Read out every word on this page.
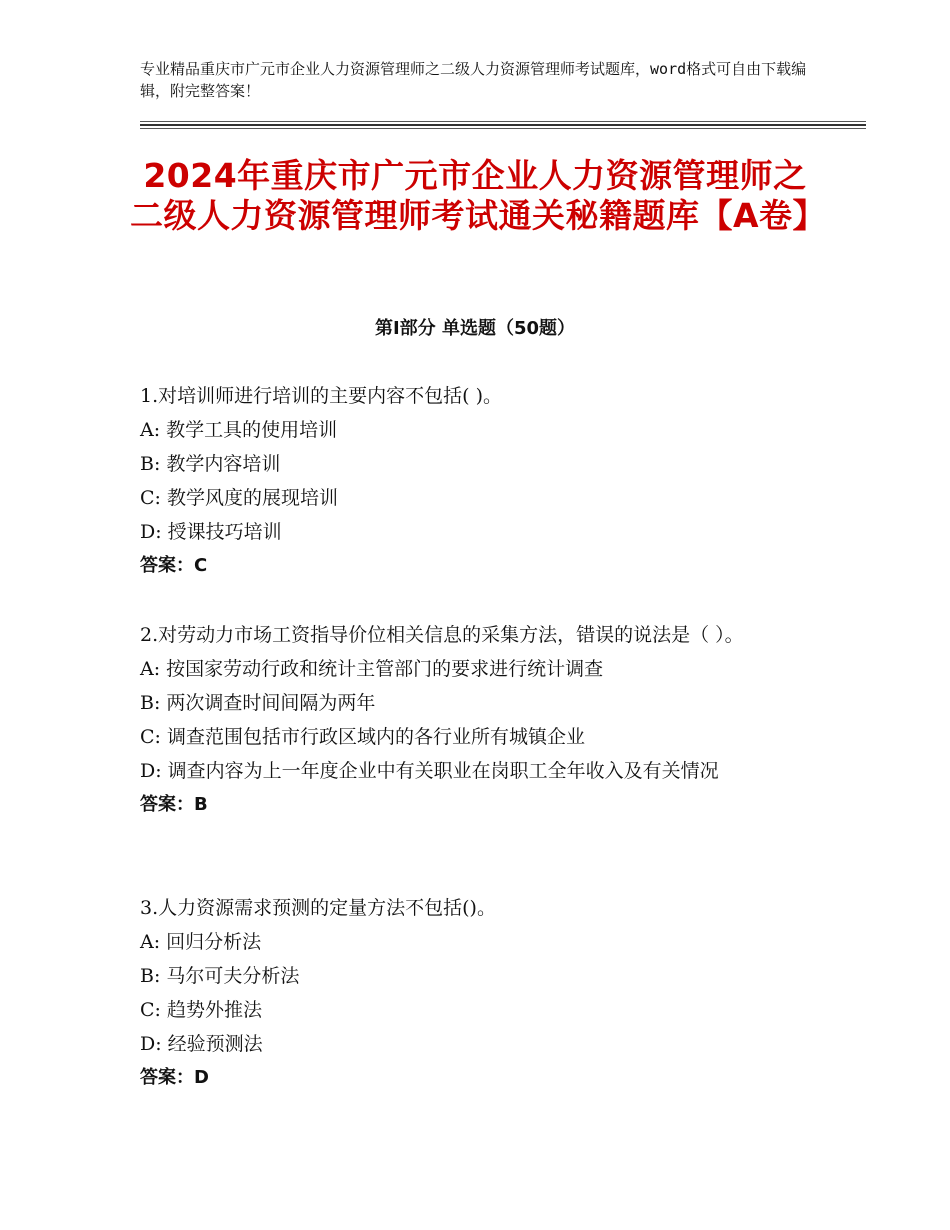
专业精品重庆市广元市企业人力资源管理师之二级人力资源管理师考试题库，word格式可自由下载编辑，附完整答案！
2024年重庆市广元市企业人力资源管理师之二级人力资源管理师考试通关秘籍题库【A卷】
第Ⅰ部分 单选题（50题）
1.对培训师进行培训的主要内容不包括( )。
A: 教学工具的使用培训
B: 教学内容培训
C: 教学风度的展现培训
D: 授课技巧培训
答案：C
2.对劳动力市场工资指导价位相关信息的采集方法，错误的说法是（ ）。
A: 按国家劳动行政和统计主管部门的要求进行统计调查
B: 两次调查时间间隔为两年
C: 调查范围包括市行政区域内的各行业所有城镇企业
D: 调查内容为上一年度企业中有关职业在岗职工全年收入及有关情况
答案：B
3.人力资源需求预测的定量方法不包括()。
A: 回归分析法
B: 马尔可夫分析法
C: 趋势外推法
D: 经验预测法
答案：D
